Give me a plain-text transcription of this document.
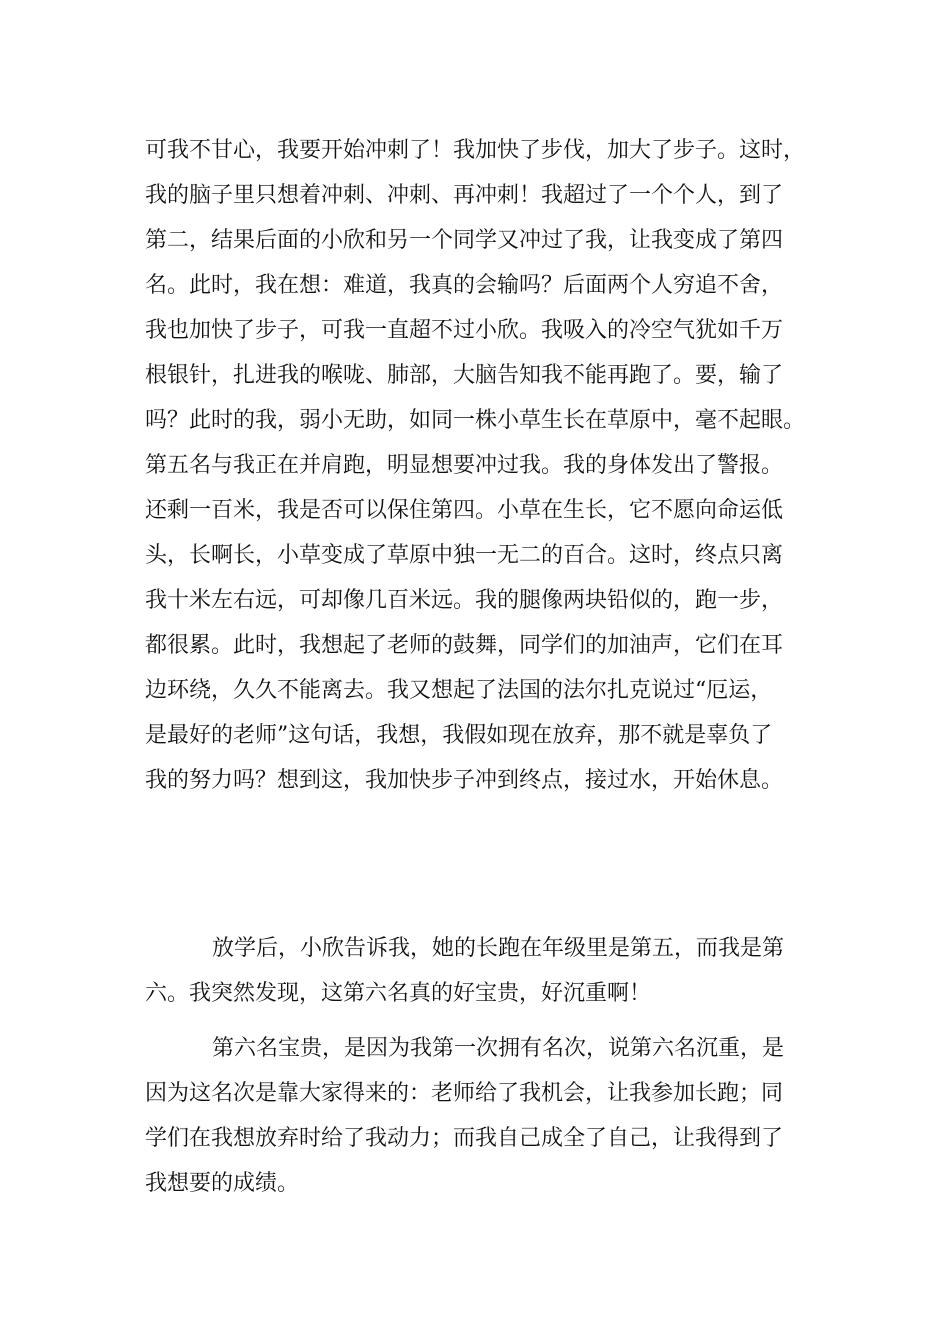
可我不甘心，我要开始冲刺了！我加快了步伐，加大了步子。这时，

我的脑子里只想着冲刺、冲刺、再冲刺！我超过了一个个人，到了

第二，结果后面的小欣和另一个同学又冲过了我，让我变成了第四

名。此时，我在想：难道，我真的会输吗？后面两个人穷追不舍，

我也加快了步子，可我一直超不过小欣。我吸入的冷空气犹如千万

根银针，扎进我的喉咙、肺部，大脑告知我不能再跑了。要，输了

吗？此时的我，弱小无助，如同一株小草生长在草原中，毫不起眼。

第五名与我正在并肩跑，明显想要冲过我。我的身体发出了警报。

还剩一百米，我是否可以保住第四。小草在生长，它不愿向命运低

头，长啊长，小草变成了草原中独一无二的百合。这时，终点只离

我十米左右远，可却像几百米远。我的腿像两块铅似的，跑一步，

都很累。此时，我想起了老师的鼓舞，同学们的加油声，它们在耳

边环绕，久久不能离去。我又想起了法国的法尔扎克说过“厄运，

是最好的老师”这句话，我想，我假如现在放弃，那不就是辜负了

我的努力吗？想到这，我加快步子冲到终点，接过水，开始休息。

放学后，小欣告诉我，她的长跑在年级里是第五，而我是第

六。我突然发现，这第六名真的好宝贵，好沉重啊！

第六名宝贵，是因为我第一次拥有名次，说第六名沉重，是

因为这名次是靠大家得来的：老师给了我机会，让我参加长跑；同

学们在我想放弃时给了我动力；而我自己成全了自己，让我得到了

我想要的成绩。
